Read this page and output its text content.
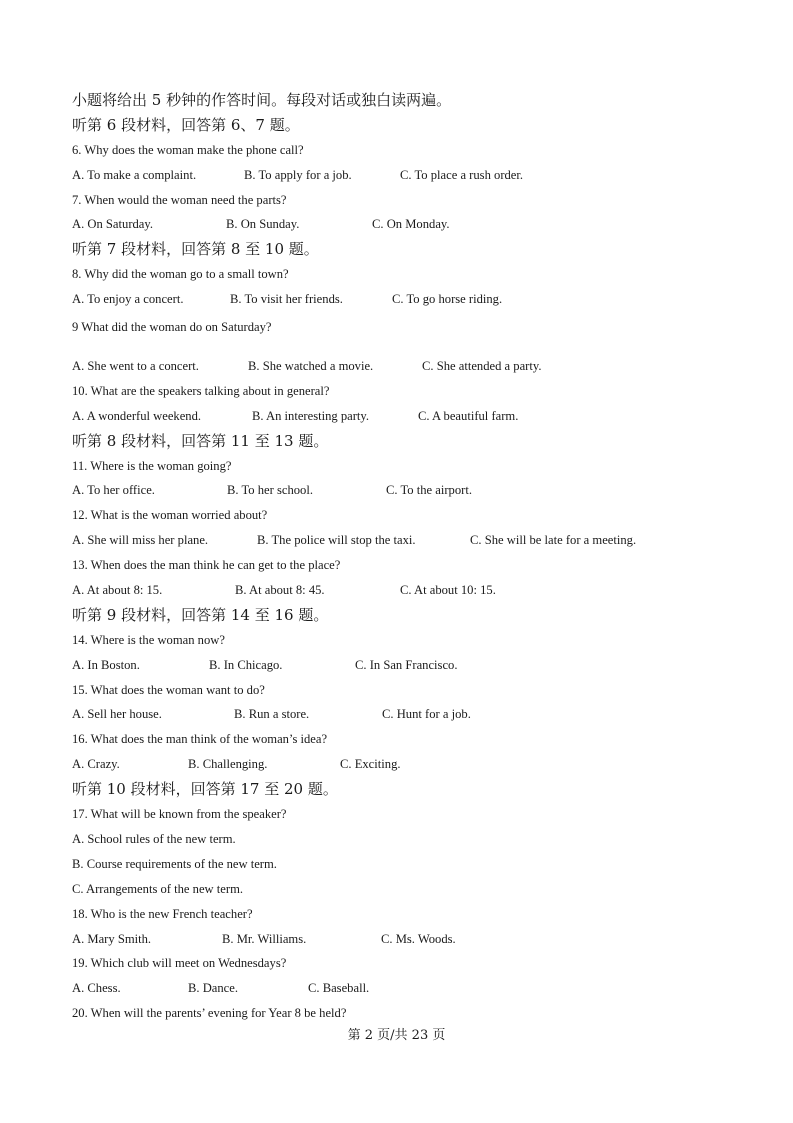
小题将给出 5 秒钟的作答时间。每段对话或独白读两遍。
听第 6 段材料，回答第 6、7 题。
6. Why does the woman make the phone call?
A. To make a complaint.	B. To apply for a job.	C. To place a rush order.
7. When would the woman need the parts?
A. On Saturday.	B. On Sunday.	C. On Monday.
听第 7 段材料，回答第 8 至 10 题。
8. Why did the woman go to a small town?
A. To enjoy a concert.	B. To visit her friends.	C. To go horse riding.
9 What did the woman do on Saturday?
A. She went to a concert.	B. She watched a movie.	C. She attended a party.
10. What are the speakers talking about in general?
A. A wonderful weekend.	B. An interesting party.	C. A beautiful farm.
听第 8 段材料，回答第 11 至 13 题。
11. Where is the woman going?
A. To her office.	B. To her school.	C. To the airport.
12. What is the woman worried about?
A. She will miss her plane.	B. The police will stop the taxi.	C. She will be late for a meeting.
13. When does the man think he can get to the place?
A. At about 8: 15.	B. At about 8: 45.	C. At about 10: 15.
听第 9 段材料，回答第 14 至 16 题。
14. Where is the woman now?
A. In Boston.	B. In Chicago.	C. In San Francisco.
15. What does the woman want to do?
A. Sell her house.	B. Run a store.	C. Hunt for a job.
16. What does the man think of the woman’s idea?
A. Crazy.	B. Challenging.	C. Exciting.
听第 10 段材料，回答第 17 至 20 题。
17. What will be known from the speaker?
A. School rules of the new term.
B. Course requirements of the new term.
C. Arrangements of the new term.
18. Who is the new French teacher?
A. Mary Smith.	B. Mr. Williams.	C. Ms. Woods.
19. Which club will meet on Wednesdays?
A. Chess.	B. Dance.	C. Baseball.
20. When will the parents’ evening for Year 8 be held?
第 2 页/共 23 页
